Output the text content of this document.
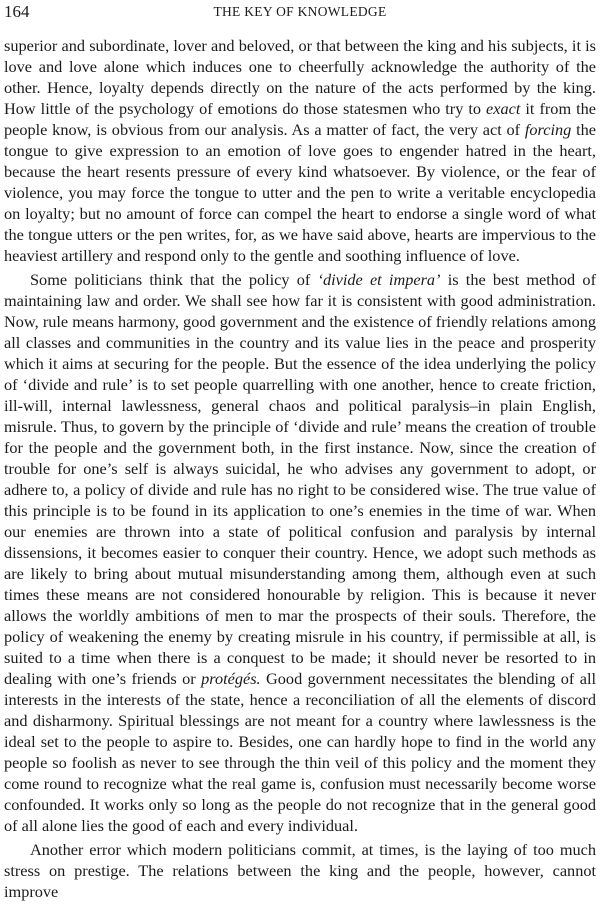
164	THE KEY OF KNOWLEDGE

superior and subordinate, lover and beloved, or that between the king and his subjects, it is love and love alone which induces one to cheerfully acknowledge the authority of the other. Hence, loyalty depends directly on the nature of the acts performed by the king. How little of the psychology of emotions do those statesmen who try to exact it from the people know, is obvious from our analysis. As a matter of fact, the very act of forcing the tongue to give expression to an emotion of love goes to engender hatred in the heart, because the heart resents pressure of every kind whatsoever. By violence, or the fear of violence, you may force the tongue to utter and the pen to write a veritable encyclopedia on loyalty; but no amount of force can compel the heart to endorse a single word of what the tongue utters or the pen writes, for, as we have said above, hearts are impervious to the heaviest artillery and respond only to the gentle and soothing influence of love.

Some politicians think that the policy of ‘divide et impera’ is the best method of maintaining law and order. We shall see how far it is consistent with good administration. Now, rule means harmony, good government and the existence of friendly relations among all classes and communities in the country and its value lies in the peace and prosperity which it aims at securing for the people. But the essence of the idea underlying the policy of ‘divide and rule’ is to set people quarrelling with one another, hence to create friction, ill-will, internal lawlessness, general chaos and political paralysis–in plain English, misrule. Thus, to govern by the principle of ‘divide and rule’ means the creation of trouble for the people and the government both, in the first instance. Now, since the creation of trouble for one’s self is always suicidal, he who advises any government to adopt, or adhere to, a policy of divide and rule has no right to be considered wise. The true value of this principle is to be found in its application to one’s enemies in the time of war. When our enemies are thrown into a state of political confusion and paralysis by internal dissensions, it becomes easier to conquer their country. Hence, we adopt such methods as are likely to bring about mutual misunderstanding among them, although even at such times these means are not considered honourable by religion. This is because it never allows the worldly ambitions of men to mar the prospects of their souls. Therefore, the policy of weakening the enemy by creating misrule in his country, if permissible at all, is suited to a time when there is a conquest to be made; it should never be resorted to in dealing with one’s friends or protégés. Good government necessitates the blending of all interests in the interests of the state, hence a reconciliation of all the elements of discord and disharmony. Spiritual blessings are not meant for a country where lawlessness is the ideal set to the people to aspire to. Besides, one can hardly hope to find in the world any people so foolish as never to see through the thin veil of this policy and the moment they come round to recognize what the real game is, confusion must necessarily become worse confounded. It works only so long as the people do not recognize that in the general good of all alone lies the good of each and every individual.

Another error which modern politicians commit, at times, is the laying of too much stress on prestige. The relations between the king and the people, however, cannot improve
